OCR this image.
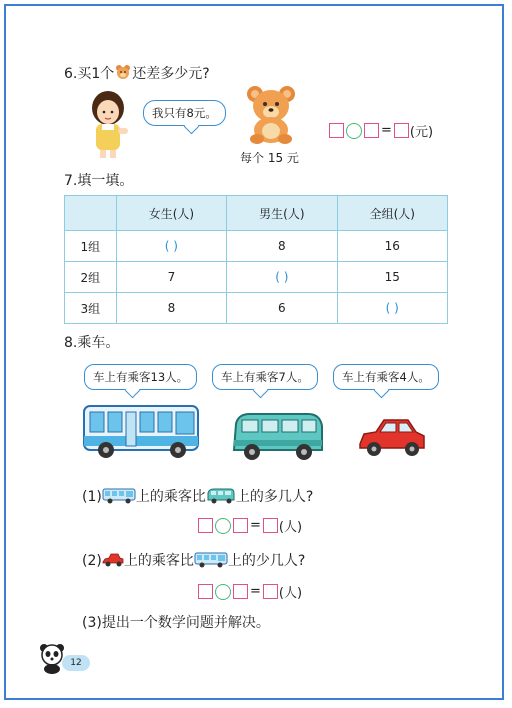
6.买1个 还差多少元?
我只有8元。
每个 15 元
= (元)
7.填一填。
	女生(人)	男生(人)	全组(人)
1组	( )	8	16
2组	7	( )	15
3组	8	6	( )
8.乘车。
车上有乘客13人。	车上有乘客7人。	车上有乘客4人。
(1) 上的乘客比 上的多几人?
= (人)
(2) 上的乘客比 上的少几人?
= (人)
(3)提出一个数学问题并解决。
12
